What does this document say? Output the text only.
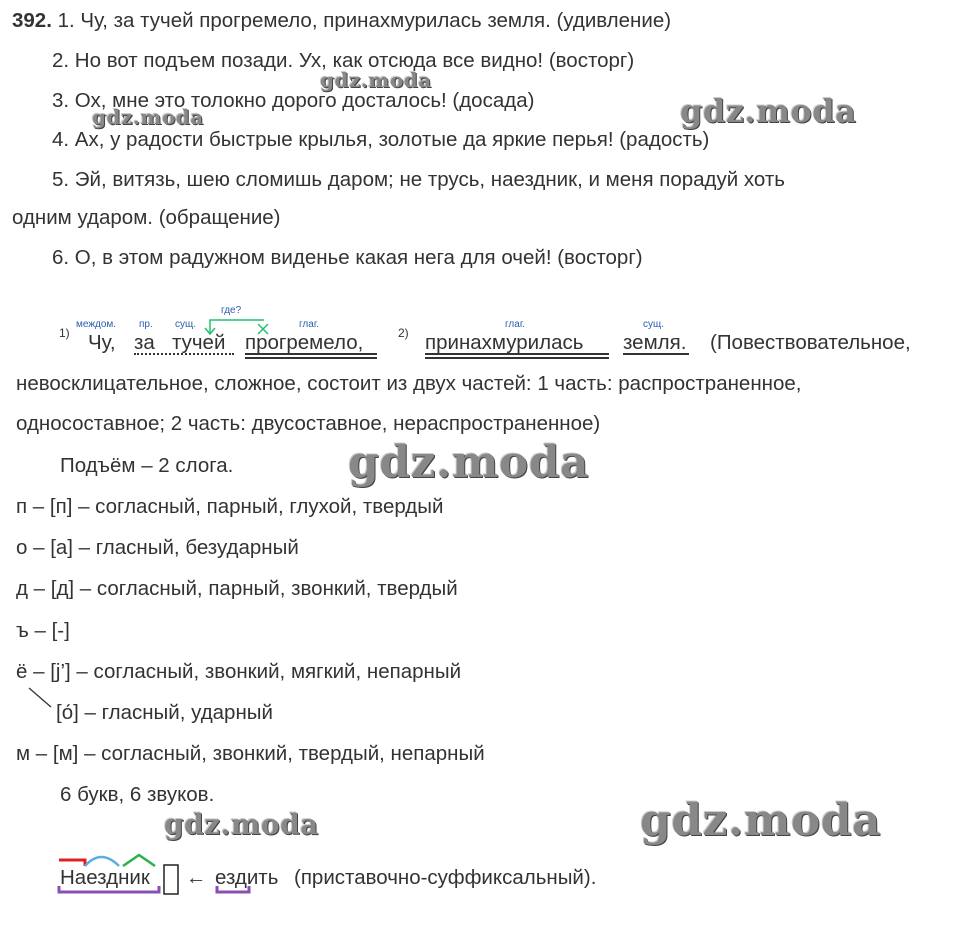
392. 1. Чу, за тучей прогремело, принахмурилась земля. (удивление)
2. Но вот подъем позади. Ух, как отсюда все видно! (восторг)
3. Ох, мне это толокно дорого досталось! (досада)
4. Ах, у радости быстрые крылья, золотые да яркие перья! (радость)
5. Эй, витязь, шею сломишь даром; не трусь, наездник, и меня порадуй хоть
одним ударом. (обращение)
6. О, в этом радужном виденье какая нега для очей! (восторг)
междом. пр. сущ.
где?
глаг.	глаг.	сущ.
1) Чу, за тучей прогремело,	2) принахмурилась земля. (Повествовательное,
невосклицательное, сложное, состоит из двух частей: 1 часть: распространенное,
односоставное; 2 часть: двусоставное, нераспространенное)
Подъём – 2 слога.
п – [п] – согласный, парный, глухой, твердый
о – [а] – гласный, безударный
д – [д] – согласный, парный, звонкий, твердый
ъ – [-]
ё – [j’] – согласный, звонкий, мягкий, непарный
[о́] – гласный, ударный
м – [м] – согласный, звонкий, твердый, непарный
6 букв, 6 звуков.
Наездник ← ездить (приставочно-суффиксальный).
gdz.moda
gdz.moda	gdz.moda
gdz.moda
gdz.moda	gdz.moda
